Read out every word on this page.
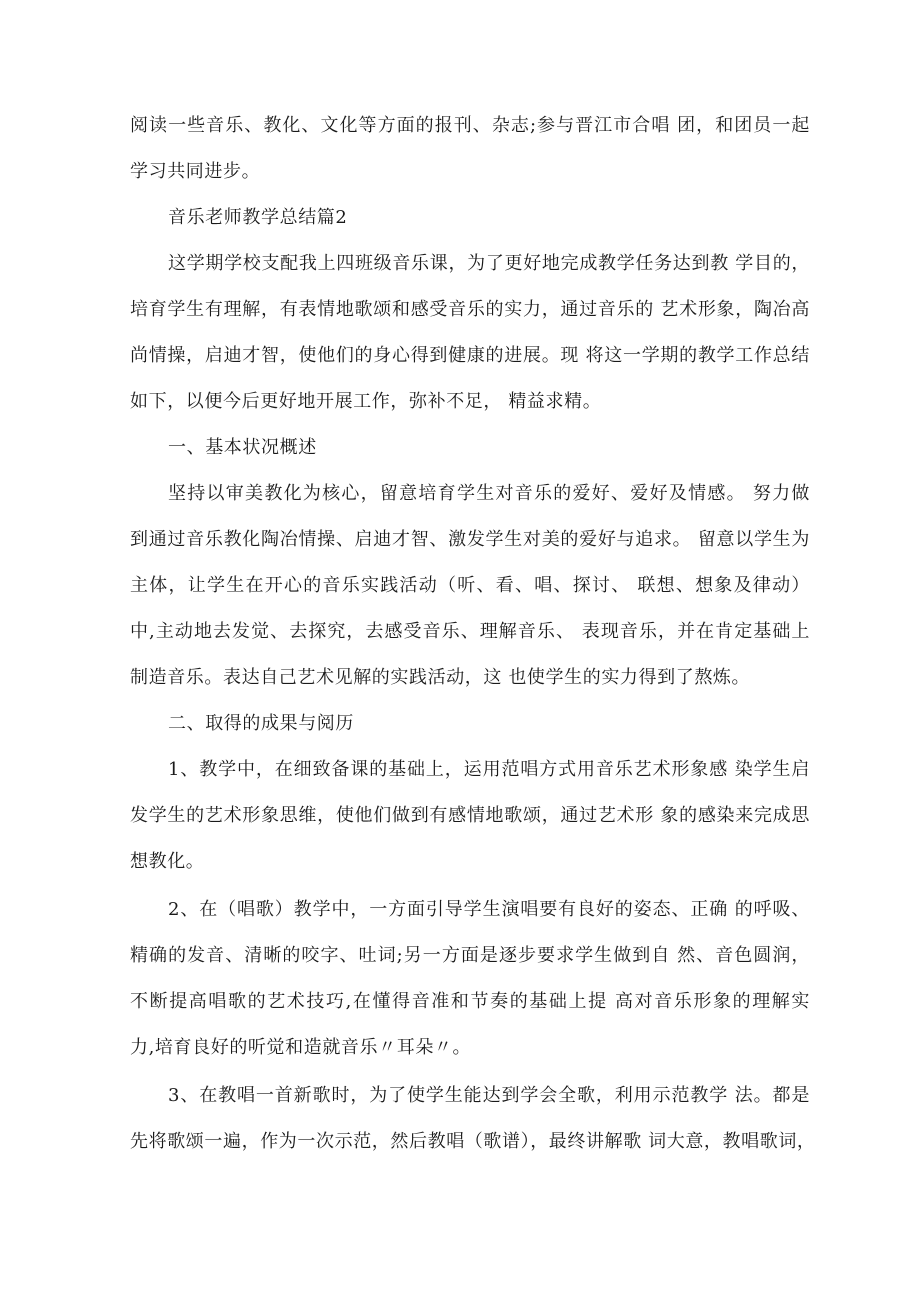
阅读一些音乐、教化、文化等方面的报刊、杂志;参与晋江市合唱 团，和团员一起
学习共同进步。
音乐老师教学总结篇2
这学期学校支配我上四班级音乐课，为了更好地完成教学任务达到教 学目的，
培育学生有理解，有表情地歌颂和感受音乐的实力，通过音乐的 艺术形象，陶冶高
尚情操，启迪才智，使他们的身心得到健康的进展。现 将这一学期的教学工作总结
如下，以便今后更好地开展工作，弥补不足， 精益求精。
一、基本状况概述
坚持以审美教化为核心，留意培育学生对音乐的爱好、爱好及情感。 努力做
到通过音乐教化陶冶情操、启迪才智、激发学生对美的爱好与追求。 留意以学生为
主体，让学生在开心的音乐实践活动（听、看、唱、探讨、 联想、想象及律动）
中,主动地去发觉、去探究，去感受音乐、理解音乐、 表现音乐，并在肯定基础上
制造音乐。表达自己艺术见解的实践活动，这 也使学生的实力得到了熬炼。
二、取得的成果与阅历
1、教学中，在细致备课的基础上，运用范唱方式用音乐艺术形象感 染学生启
发学生的艺术形象思维，使他们做到有感情地歌颂，通过艺术形 象的感染来完成思
想教化。
2、在（唱歌）教学中，一方面引导学生演唱要有良好的姿态、正确 的呼吸、
精确的发音、清晰的咬字、吐词;另一方面是逐步要求学生做到自 然、音色圆润，
不断提高唱歌的艺术技巧,在懂得音准和节奏的基础上提 高对音乐形象的理解实
力,培育良好的听觉和造就音乐〃耳朵〃。
3、在教唱一首新歌时，为了使学生能达到学会全歌，利用示范教学 法。都是
先将歌颂一遍，作为一次示范，然后教唱（歌谱），最终讲解歌 词大意，教唱歌词，
